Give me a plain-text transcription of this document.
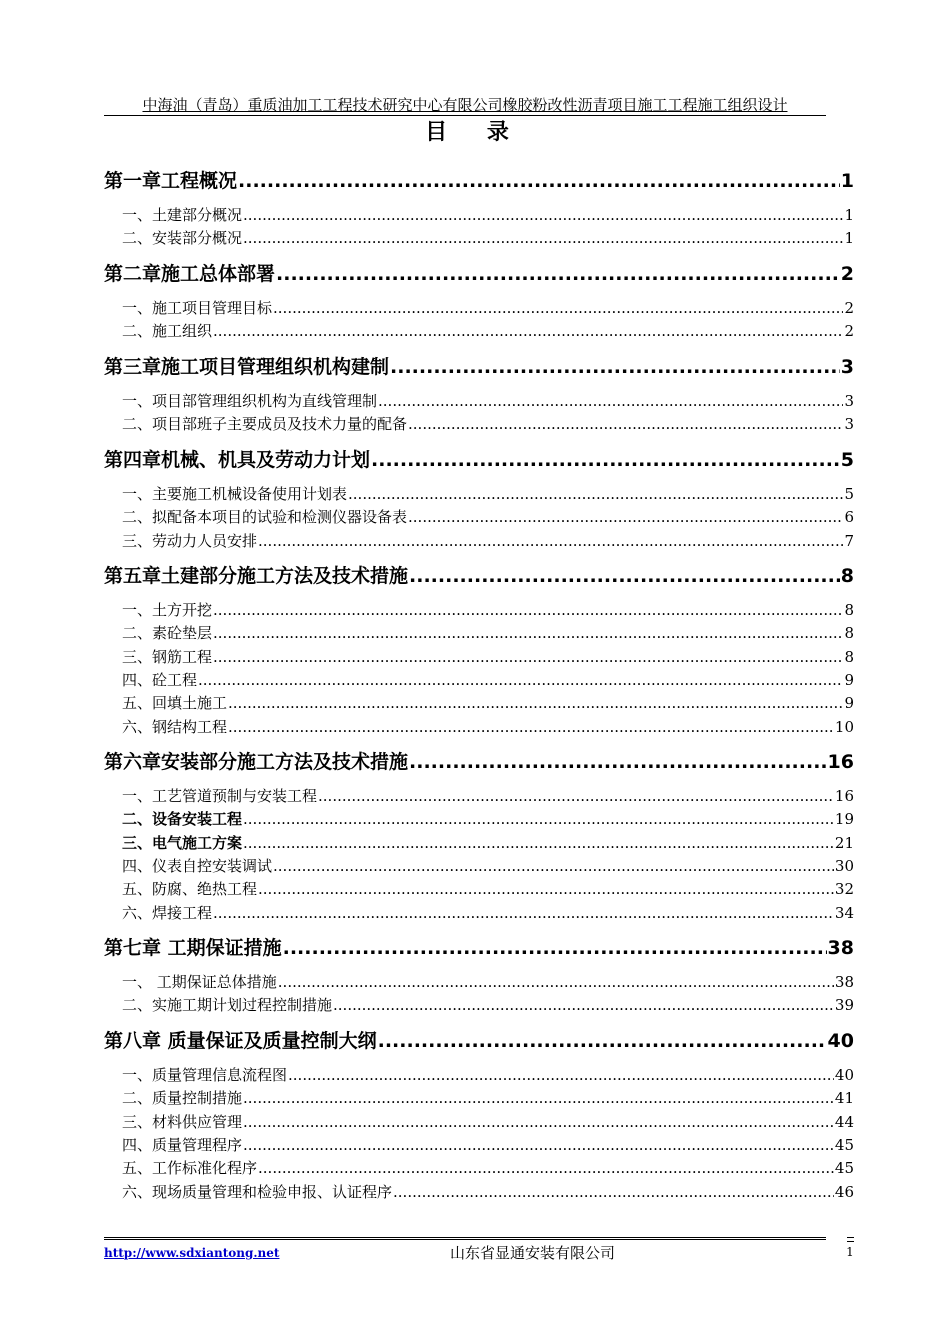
中海油（青岛）重质油加工工程技术研究中心有限公司橡胶粉改性沥青项目施工工程施工组织设计
目 录
第一章工程概况 .....	1
一、土建部分概况 .....	1
二、安装部分概况 .....	1
第二章施工总体部署 .....	2
一、施工项目管理目标 .....	2
二、施工组织 .....	2
第三章施工项目管理组织机构建制 .....	3
一、项目部管理组织机构为直线管理制 .....	3
二、项目部班子主要成员及技术力量的配备 .....	3
第四章机械、机具及劳动力计划 .....	5
一、主要施工机械设备使用计划表 .....	5
二、拟配备本项目的试验和检测仪器设备表 .....	6
三、劳动力人员安排 .....	7
第五章土建部分施工方法及技术措施 .....	8
一、土方开挖 .....	8
二、素砼垫层 .....	8
三、钢筋工程 .....	8
四、砼工程 .....	9
五、回填土施工 .....	9
六、钢结构工程 .....	10
第六章安装部分施工方法及技术措施 .....	16
一、工艺管道预制与安装工程 .....	16
二、设备安装工程 .....	19
三、电气施工方案 .....	21
四、仪表自控安装调试 .....	30
五、防腐、绝热工程 .....	32
六、焊接工程 .....	34
第七章 工期保证措施 .....	38
一、 工期保证总体措施 .....	38
二、实施工期计划过程控制措施 .....	39
第八章 质量保证及质量控制大纲 .....	40
一、质量管理信息流程图 .....	40
二、质量控制措施 .....	41
三、材料供应管理 .....	44
四、质量管理程序 .....	45
五、工作标准化程序 .....	45
六、现场质量管理和检验申报、认证程序 .....	46
http://www.sdxiantong.net	山东省显通安装有限公司	1
